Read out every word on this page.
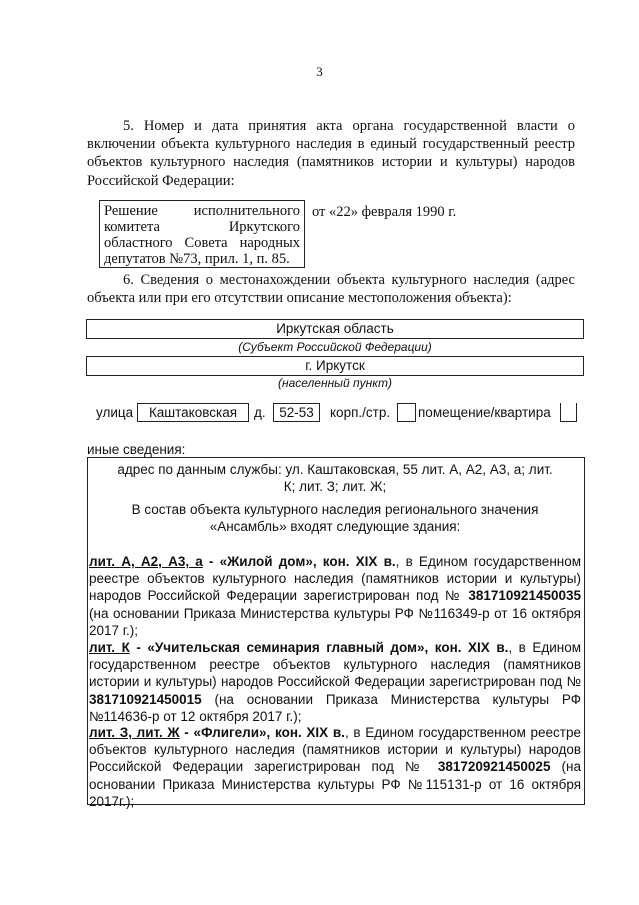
3
5. Номер и дата принятия акта органа государственной власти о включении объекта культурного наследия в единый государственный реестр объектов культурного наследия (памятников истории и культуры) народов Российской Федерации:
Решение исполнительного
комитета Иркутского
областного Совета народных
депутатов №73, прил. 1, п. 85.
от «22» февраля 1990 г.
6. Сведения о местонахождении объекта культурного наследия (адрес объекта или при его отсутствии описание местоположения объекта):
Иркутская область
(Субъект Российской Федерации)
г. Иркутск
(населенный пункт)
улица	Каштаковская	д.	52-53	корп./стр. помещение/квартира
иные сведения:
адрес по данным службы: ул. Каштаковская, 55 лит. А, А2, А3, а; лит. К; лит. З; лит. Ж;
В состав объекта культурного наследия регионального значения «Ансамбль» входят следующие здания:
лит. А, А2, А3, а - «Жилой дом», кон. XIX в., в Едином государственном реестре объектов культурного наследия (памятников истории и культуры) народов Российской Федерации зарегистрирован под № 381710921450035 (на основании Приказа Министерства культуры РФ №116349-р от 16 октября 2017 г.);
лит. К - «Учительская семинария главный дом», кон. XIX в., в Едином государственном реестре объектов культурного наследия (памятников истории и культуры) народов Российской Федерации зарегистрирован под № 381710921450015 (на основании Приказа Министерства культуры РФ №114636-р от 12 октября 2017 г.);
лит. З, лит. Ж - «Флигели», кон. XIX в., в Едином государственном реестре объектов культурного наследия (памятников истории и культуры) народов Российской Федерации зарегистрирован под № 381720921450025 (на основании Приказа Министерства культуры РФ №115131-р от 16 октября 2017г.);
